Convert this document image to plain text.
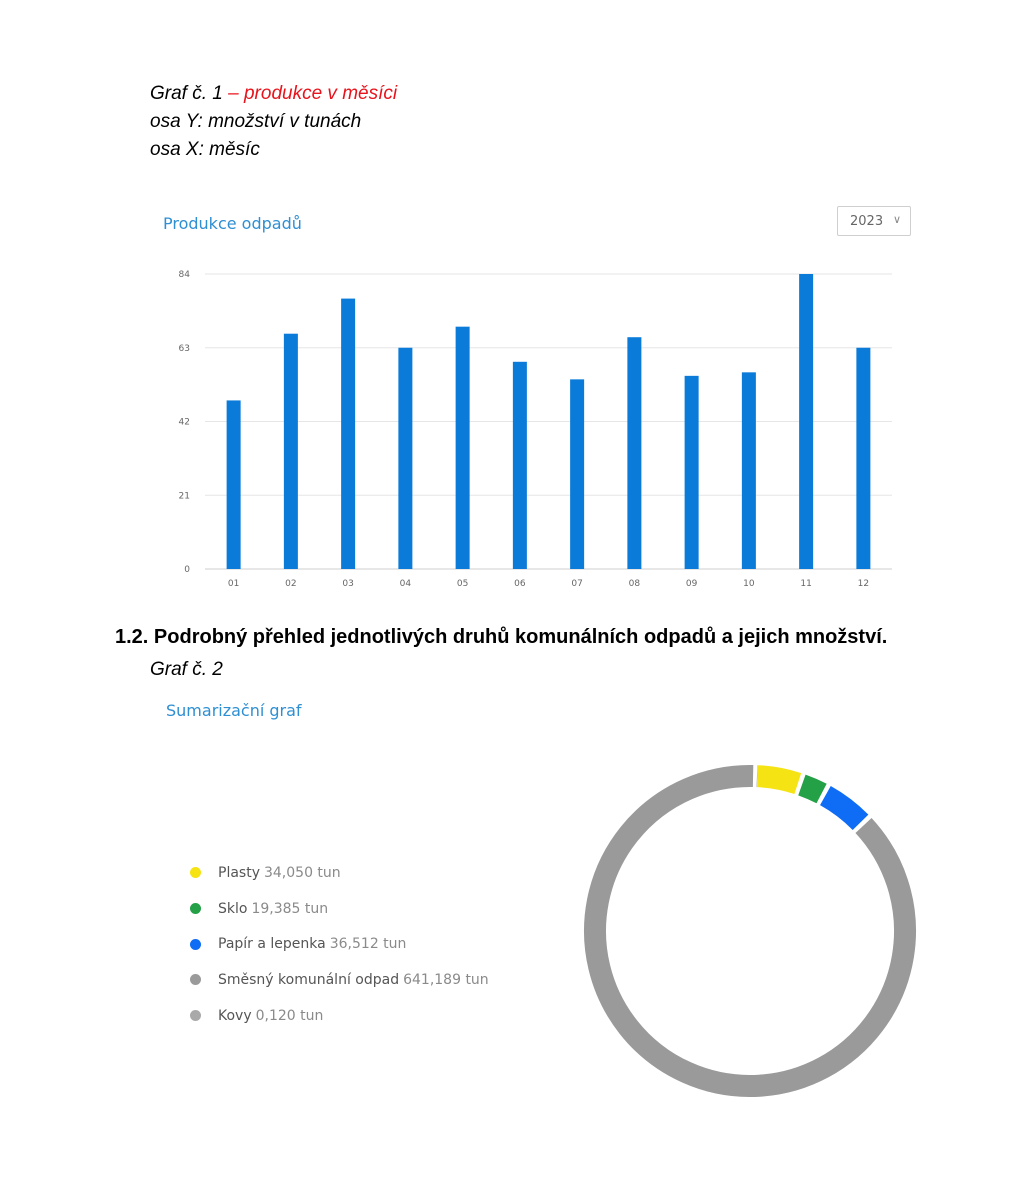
Graf č. 1 – produkce v měsíci
osa Y: množství v tunách
osa X: měsíc
Produkce odpadů	2023 ∨
0
21
42
63
84
01	02	03	04	05	06	07	08	09	10	11	12
1.2. Podrobný přehled jednotlivých druhů komunálních odpadů a jejich množství.
Graf č. 2
Sumarizační graf
Plasty 34,050 tun
Sklo 19,385 tun
Papír a lepenka 36,512 tun
Směsný komunální odpad 641,189 tun
Kovy 0,120 tun
